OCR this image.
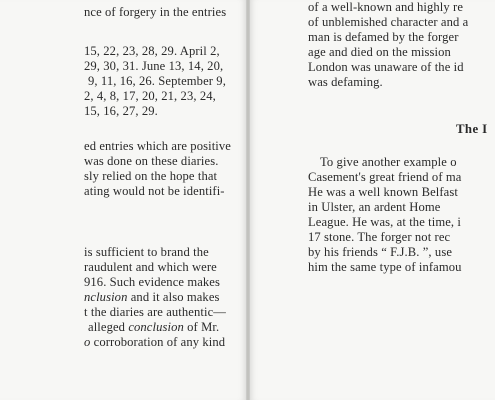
nce of forgery in the entries
15, 22, 23, 28, 29. April 2,
29, 30, 31. June 13, 14, 20,
9, 11, 16, 26. September 9,
2, 4, 8, 17, 20, 21, 23, 24,
15, 16, 27, 29.
ed entries which are positive
was done on these diaries.
sly relied on the hope that
ating would not be identifi-
is sufficient to brand the
raudulent and which were
916. Such evidence makes
nclusion and it also makes
t the diaries are authentic—
alleged conclusion of Mr.
o corroboration of any kind
of a well-known and highly re
of unblemished character and a
man is defamed by the forger
age and died on the mission
London was unaware of the id
was defaming.
The I
To give another example o
Casement's great friend of ma
He was a well known Belfast
in Ulster, an ardent Home
League. He was, at the time, i
17 stone. The forger not rec
by his friends “ F.J.B. ”, use
him the same type of infamou
